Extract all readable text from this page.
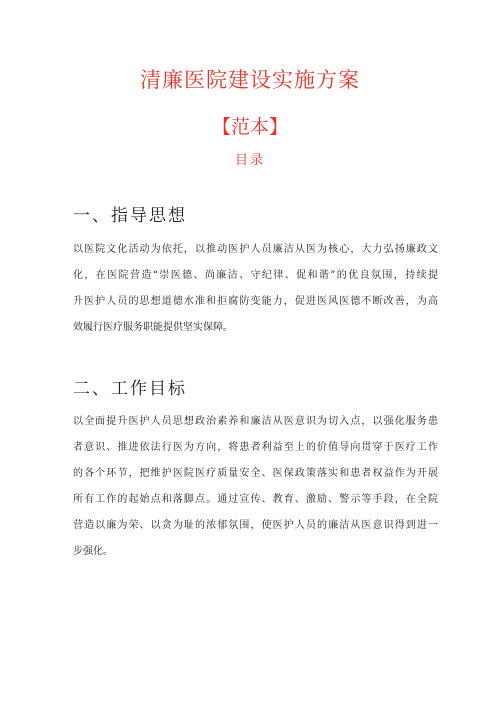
清廉医院建设实施方案
【范本】
目录
一、指导思想
以医院文化活动为依托，以推动医护人员廉洁从医为核心，大力弘扬廉政文
化，在医院营造“崇医德、尚廉洁、守纪律、促和谐”的优良氛围，持续提
升医护人员的思想道德水准和拒腐防变能力，促进医风医德不断改善，为高
效履行医疗服务职能提供坚实保障。
二、工作目标
以全面提升医护人员思想政治素养和廉洁从医意识为切入点，以强化服务患
者意识、推进依法行医为方向，将患者利益至上的价值导向贯穿于医疗工作
的各个环节，把维护医院医疗质量安全、医保政策落实和患者权益作为开展
所有工作的起始点和落脚点。通过宣传、教育、激励、警示等手段，在全院
营造以廉为荣、以贪为耻的浓郁氛围，使医护人员的廉洁从医意识得到进一
步强化。
